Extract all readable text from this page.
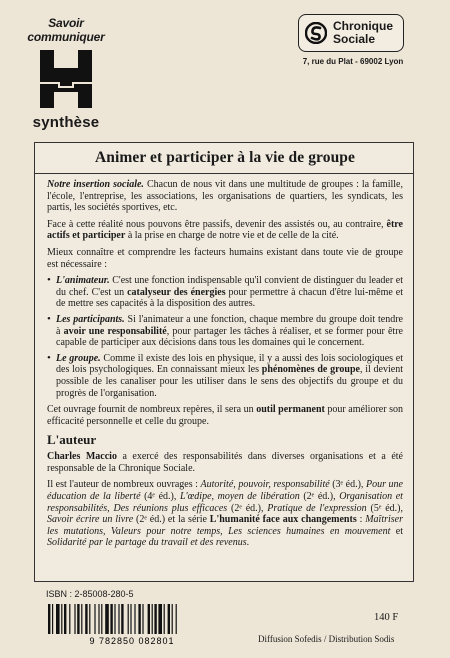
Savoir
communiquer
synthèse
Chronique
Sociale
7, rue du Plat - 69002 Lyon
Animer et participer à la vie de groupe

Notre insertion sociale. Chacun de nous vit dans une multitude de groupes : la famille, l'école, l'entreprise, les associations, les organisations de quartiers, les syndicats, les partis, les sociétés sportives, etc.

Face à cette réalité nous pouvons être passifs, devenir des assistés ou, au contraire, être actifs et participer à la prise en charge de notre vie et de celle de la cité.

Mieux connaître et comprendre les facteurs humains existant dans toute vie de groupe est nécessaire :

• L'animateur. C'est une fonction indispensable qu'il convient de distinguer du leader et du chef. C'est un catalyseur des énergies pour permettre à chacun d'être lui-même et de mettre ses capacités à la disposition des autres.
• Les participants. Si l'animateur a une fonction, chaque membre du groupe doit tendre à avoir une responsabilité, pour partager les tâches à réaliser, et se former pour être capable de participer aux décisions dans tous les domaines qui le concernent.
• Le groupe. Comme il existe des lois en physique, il y a aussi des lois sociologiques et des lois psychologiques. En connaissant mieux les phénomènes de groupe, il devient possible de les canaliser pour les utiliser dans le sens des objectifs du groupe et du progrès de l'organisation.

Cet ouvrage fournit de nombreux repères, il sera un outil permanent pour améliorer son efficacité personnelle et celle du groupe.

L'auteur

Charles Maccio a exercé des responsabilités dans diverses organisations et a été responsable de la Chronique Sociale.

Il est l'auteur de nombreux ouvrages : Autorité, pouvoir, responsabilité (3ᵉ éd.), Pour une éducation de la liberté (4ᵉ éd.), L'œdipe, moyen de libération (2ᵉ éd.), Organisation et responsabilités, Des réunions plus efficaces (2ᵉ éd.), Pratique de l'expression (5ᵉ éd.), Savoir écrire un livre (2ᵉ éd.) et la série L'humanité face aux changements : Maîtriser les mutations, Valeurs pour notre temps, Les sciences humaines en mouvement et Solidarité par le partage du travail et des revenus.

ISBN : 2-85008-280-5
140 F
9 782850 082801	Diffusion Sofedis / Distribution Sodis
